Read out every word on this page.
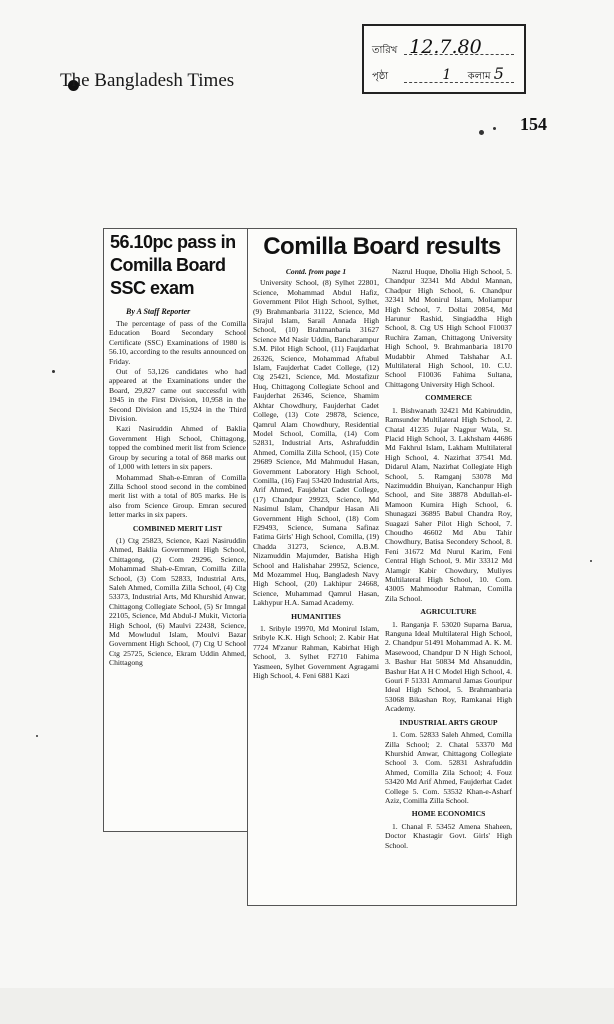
The Bangladesh Times
তারিখ 12.7.80
পৃষ্ঠা	1 কলাম 5
154
56.10pc pass in Comilla Board SSC exam
By A Staff Reporter

The percentage of pass of the Comilla Education Board Secondary School Certificate (SSC) Examinations of 1980 is 56.10, according to the results announced on Friday.

Out of 53,126 candidates who had appeared at the Examinations under the Board, 29,827 came out successful with 1945 in the First Division, 10,958 in the Second Division and 15,924 in the Third Division.

Kazi Nasiruddin Ahmed of Baklia Government High School, Chittagong, topped the combined merit list from Science Group by securing a total of 868 marks out of 1,000 with letters in six papers.

Mohammad Shah-e-Emran of Comilla Zilla School stood second in the combined merit list with a total of 805 marks. He is also from Science Group. Emran secured letter marks in six papers.

COMBINED MERIT LIST

(1) Ctg 25823, Science, Kazi Nasiruddin Ahmed, Baklia Government High School, Chittagong, (2) Com 29296, Science, Mohammad Shah-e-Emran, Comilla Zilla School, (3) Com 52833, Industrial Arts, Saleh Ahmed, Comilla Zilla School, (4) Ctg 53373, Industrial Arts, Md Khurshid Anwar, Chittagong Collegiate School, (5) Sr Imngal 22105, Science, Md Abdul-J Mukit, Victoria High School, (6) Maulvi 22438, Science, Md Mowludul Islam, Moulvi Bazar Government High School, (7) Ctg U School Ctg 25725, Science, Ekram Uddin Ahmed, Chittagong

Comilla Board results

Contd. from page 1

University School, (8) Sylhet 22801, Science, Mohammad Abdul Hafiz, Government Pilot High School, Sylhet, (9) Brahmanbaria 31122, Science, Md Sirajul Islam, Sarail Annada High School, (10) Brahmanbaria 31627 Science Md Nasir Uddin, Bancharampur S.M. Pilot High School, (11) Faujdarhat 26326, Science, Mohammad Aftabul Islam, Faujderhat Cadet College, (12) Ctg 25421, Science, Md. Mostafizur Huq, Chittagong Collegiate School and Faujderhat 26346, Science, Shamim Akhtar Chowdhury, Faujderhat Cadet College, (13) Cote 29878, Science, Qamrul Alam Chowdhury, Residential Model School, Comilla, (14) Com 52831, Industrial Arts, Ashrafuddin Ahmed, Comilla Zilla School, (15) Cote 29689 Science, Md Mahmudul Hasan, Government Laboratory High School, Comilla, (16) Fauj 53420 Industrial Arts, Arif Ahmed, Faujdehat Cadet College, (17) Chandpur 29923, Science, Md Nasimul Islam, Chandpur Hasan Ali Government High School, (18) Com F29493, Science, Sumana Safinaz Fatima Girls' High School, Comilla, (19) Chadda 31273, Science, A.B.M. Nizamuddin Majumder, Batisha High School and Halishahar 29952, Science, Md Mozammel Huq, Bangladesh Navy High School, (20) Lakhipur 24668, Science, Muhammad Qamrul Hasan, Lakhypur H.A. Samad Academy.

HUMANITIES

1. Sribyle 19970, Md Monirul Islam, Sribyle K.K. High School; 2. Kabir Hat 7724 M'zanur Rahman, Kabirhat High School, 3. Sylhet F2710 Fahima Yasmeen, Sylhet Government Agragami High School, 4. Feni 6881 Kazi

Nazrul Huque, Dholia High School, 5. Chandpur 32341 Md Abdul Mannan, Chadpur High School, 6. Chandpur 32341 Md Monirul Islam, Moliampur High School, 7. Dollai 20854, Md Harunur Rashid, Singiaddha High School, 8. Ctg US High School F10037 Ruchira Zaman, Chittagong University High School, 9. Brahmanbaria 18170 Mudabbir Ahmed Talshahar A.I. Multilateral High School, 10. C.U. School F10036 Fahima Sultana, Chittagong University High School.

COMMERCE

1. Bishwanath 32421 Md Kabiruddin, Ramsunder Multilateral High School, 2. Chatal 41235 Jujar Nagpur Wala, St. Placid High School, 3. Lakhsham 44686 Md Fakhrul Islam, Lakham Multilateral High School, 4. Nazirhat 37541 Md. Didarul Alam, Nazirhat Collegiate High School, 5. Ramganj 53078 Md Nazimuddin Bhuiyan, Kanchanpur High School, and Site 38878 Abdullah-el-Mamoon Kumira High School, 6. Shunagazi 36895 Babul Chandra Roy, Suagazi Saher Pilot High School, 7. Choudho 46602 Md Abu Tahir Chowdhury, Batisa Secondery School, 8. Feni 31672 Md Nurul Karim, Feni Central High School, 9. Mir 33312 Md Alamgir Kabir Chowdury, Muliyes Multilateral High School, 10. Com. 43005 Mahmoodur Rahman, Comilla Zila School.

AGRICULTURE

1. Ranganja F. 53020 Suparna Barua, Ranguna Ideal Multilateral High School, 2. Chandpur 51491 Mohammad A. K. M. Masewood, Chandpur D N High School, 3. Bashur Hat 50834 Md Ahsanuddin, Bashur Hat A H C Model High School, 4. Gouri F 51331 Ammarul Jamas Gouripur Ideal High School, 5. Brahmanbaria 53068 Bikashan Roy, Ramkanai High Academy.

INDUSTRIAL ARTS GROUP

1. Com. 52833 Saleh Ahmed, Comilla Zilla School; 2. Chatal 53370 Md Khurshid Anwar, Chittagong Collegiate School 3. Com. 52831 Ashrafuddin Ahmed, Comilla Zila School; 4. Fouz 53420 Md Arif Ahmed, Faujderhat Cadet College 5. Com. 53532 Khan-e-Asharf Aziz, Comilla Zilla School.

HOME ECONOMICS

1. Chanal F. 53452 Amena Shaheen, Doctor Khastagir Govt. Girls' High School.
